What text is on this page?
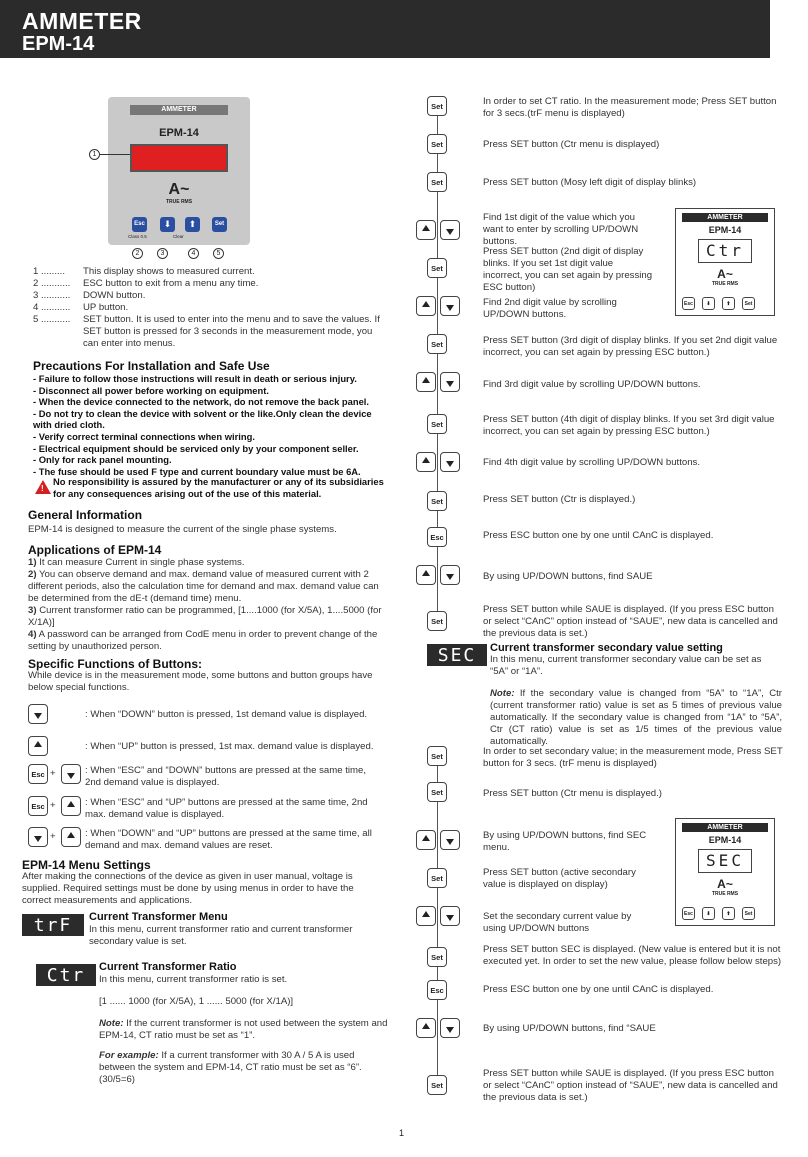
AMMETER
EPM-14
AMMETER
EPM-14
A~
TRUE RMS
Esc	⬇	⬆	Set
Class 0.5	Clear
1
2	3	4	5
1 .........	This display shows to measured current.
2 ...........	ESC button to exit from a menu any time.
3 ...........	DOWN button.
4 ...........	UP button.
5 ...........	SET button. It is used to enter into the menu and to save the values. If SET button is pressed for 3 seconds in the measurement mode, you can enter into menus.
Precautions For Installation and Safe Use
- Failure to follow those instructions will result in death or serious injury.
- Disconnect all power before working on equipment.
- When the device connected to the network, do not remove the back panel.
- Do not try to clean the device with solvent or the like.Only clean the device with dried cloth.
- Verify correct terminal connections when wiring.
- Electrical equipment should be serviced only by your component seller.
- Only for rack panel mounting.
- The fuse should be used F type and current boundary value must be 6A.
!
No responsibility is assured by the manufacturer or any of its subsidiaries for any consequences arising out of the use of this material.
General Information
EPM-14 is designed to measure the current of the single phase systems.
Applications of EPM-14
1) It can measure Current in single phase systems.
2) You can observe demand and max. demand value of measured current with 2 different periods, also the calculation time for demand and max. demand value can be determined from the dE-t (demand time) menu.
3) Current transformer ratio can be programmed, [1....1000 (for X/5A), 1....5000 (for X/1A)]
4) A password can be arranged from CodE menu in order to prevent change of the setting by unauthorized person.
Specific Functions of Buttons:
While device is in the measurement mode, some buttons and button groups have below special functions.
: When “DOWN” button is pressed, 1st demand value is displayed.
: When “UP” button is pressed, 1st max. demand value is displayed.
Esc +	: When “ESC” and “DOWN” buttons are pressed at the same time, 2nd demand value is displayed.
Esc +	: When “ESC” and “UP” buttons are pressed at the same time, 2nd max. demand value is displayed.
+	: When “DOWN” and “UP” buttons are pressed at the same time, all demand and max. demand values are reset.
EPM-14 Menu Settings
After making the connections of the device as given in user manual, voltage is supplied. Required settings must be done by using menus in order to have the correct measurements and applications.
trF	Current Transformer Menu
In this menu, current transformer ratio and current transformer secondary value is set.
Ctr	Current Transformer Ratio
In this menu, current transformer ratio is set.
[1 ...... 1000 (for X/5A), 1 ...... 5000 (for X/1A)]
Note: If the current transformer is not used between the system and EPM-14, CT ratio must be set as “1”.
For example: If a current transformer with 30 A / 5 A is used between the system and EPM-14, CT ratio must be set as “6”. (30/5=6)
Set	In order to set CT ratio. In the measurement mode; Press SET button for 3 secs.(trF menu is displayed)
Set	Press SET button (Ctr menu is displayed)
Set	Press SET button (Mosy left digit of display blinks)
Find 1st digit of the value which you want to enter by scrolling UP/DOWN buttons.
Set
Press SET button (2nd digit of display blinks. If you set 1st digit value incorrect, you can set again by pressing ESC button)
Find 2nd digit value by scrolling UP/DOWN buttons.
AMMETER
EPM-14
Ctr
A~
TRUE RMS
Esc	⬇	⬆	Set
Set	Press SET button (3rd digit of display blinks. If you set 2nd digit value incorrect, you can set again by pressing ESC button.)
Find 3rd digit value by scrolling UP/DOWN buttons.
Set	Press SET button (4th digit of display blinks. If you set 3rd digit value incorrect, you can set again by pressing ESC button.)
Find 4th digit value by scrolling UP/DOWN buttons.
Set	Press SET button (Ctr is displayed.)
Esc	Press ESC button one by one until CAnC is displayed.
By using UP/DOWN buttons, find SAUE
Set
Press SET button while SAUE is displayed. (If you press ESC button or select “CAnC” option instead of “SAUE”, new data is cancelled and the previous data is set.)
SEC	Current transformer secondary value setting
In this menu, current transformer secondary value can be set as “5A” or “1A”.
Note: If the secondary value is changed from “5A” to “1A”, Ctr (current transformer ratio) value is set as 5 times of previous value automatically. If the secondary value is changed from “1A” to “5A”, Ctr (CT ratio) value is set as 1/5 times of the previous value automatically.
Set	In order to set secondary value; in the measurement mode, Press SET button for 3 secs. (trF menu is displayed)
Set	Press SET button (Ctr menu is displayed.)
By using UP/DOWN buttons, find SEC menu.
Set	Press SET button (active secondary value is displayed on display)
Set the secondary current value by using UP/DOWN buttons
AMMETER
EPM-14
SEC
A~
TRUE RMS
Esc	⬇	⬆	Set
Set
Press SET button SEC is displayed. (New value is entered but it is not executed yet. In order to set the new value, please follow below steps)
Esc	Press ESC button one by one until CAnC is displayed.
By using UP/DOWN buttons, find “SAUE
Set
Press SET button while SAUE is displayed. (If you press ESC button or select “CAnC” option instead of “SAUE”, new data is cancelled and the previous data is set.)
1
